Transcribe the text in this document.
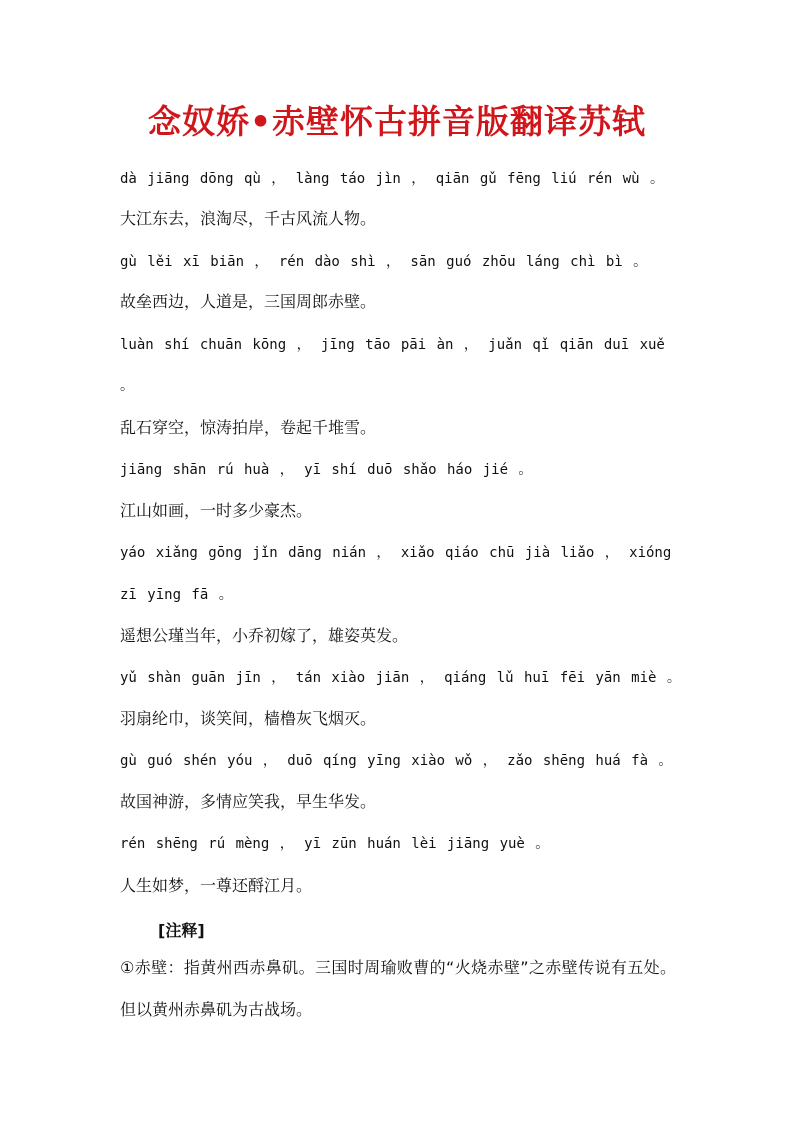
念奴娇•赤壁怀古拼音版翻译苏轼
dà jiāng dōng qù ， làng táo jìn ， qiān gǔ fēng liú rén wù 。
大江东去，浪淘尽，千古风流人物。
gù lěi xī biān ， rén dào shì ， sān guó zhōu láng chì bì 。
故垒西边，人道是，三国周郎赤壁。
luàn shí chuān kōng ， jīng tāo pāi àn ， juǎn qǐ qiān duī xuě
。
乱石穿空，惊涛拍岸，卷起千堆雪。
jiāng shān rú huà ， yī shí duō shǎo háo jié 。
江山如画，一时多少豪杰。
yáo xiǎng gōng jǐn dāng nián ， xiǎo qiáo chū jià liǎo ， xióng
zī yīng fā 。
遥想公瑾当年，小乔初嫁了，雄姿英发。
yǔ shàn guān jīn ， tán xiào jiān ， qiáng lǔ huī fēi yān miè 。
羽扇纶巾，谈笑间，樯橹灰飞烟灭。
gù guó shén yóu ， duō qíng yīng xiào wǒ ， zǎo shēng huá fà 。
故国神游，多情应笑我，早生华发。
rén shēng rú mèng ， yī zūn huán lèi jiāng yuè 。
人生如梦，一尊还酹江月。
[注释]
①赤壁：指黄州西赤鼻矶。三国时周瑜败曹的“火烧赤壁”之赤壁传说有五处。但以黄州赤鼻矶为古战场。
